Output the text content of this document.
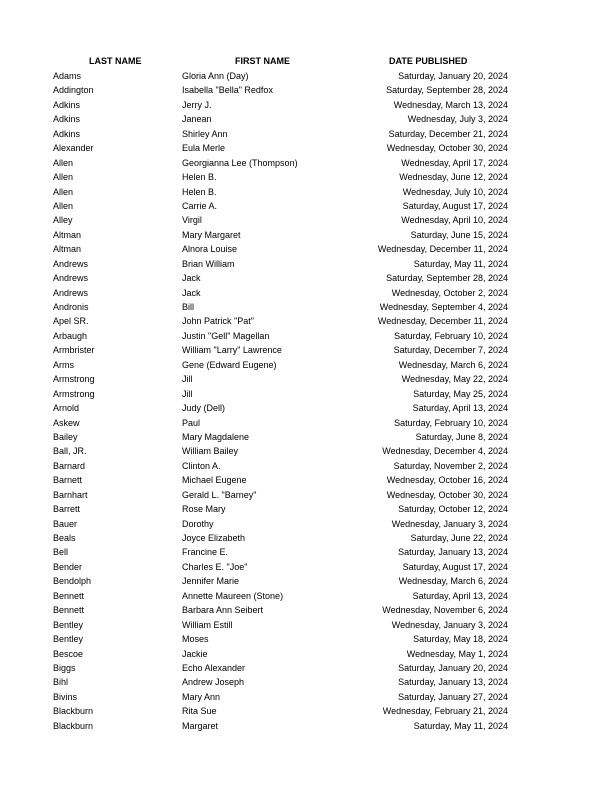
LAST NAME	FIRST NAME	DATE PUBLISHED
Adams	Gloria Ann (Day)	Saturday, January 20, 2024
Addington	Isabella "Bella" Redfox	Saturday, September 28, 2024
Adkins	Jerry J.	Wednesday, March 13, 2024
Adkins	Janean	Wednesday, July 3, 2024
Adkins	Shirley Ann	Saturday, December 21, 2024
Alexander	Eula Merle	Wednesday, October 30, 2024
Allen	Georgianna Lee (Thompson)	Wednesday, April 17, 2024
Allen	Helen B.	Wednesday, June 12, 2024
Allen	Helen B.	Wednesday, July 10, 2024
Allen	Carrie A.	Saturday, August 17, 2024
Alley	Virgil	Wednesday, April 10, 2024
Altman	Mary Margaret	Saturday, June 15, 2024
Altman	Alnora Louise	Wednesday, December 11, 2024
Andrews	Brian William	Saturday, May 11, 2024
Andrews	Jack	Saturday, September 28, 2024
Andrews	Jack	Wednesday, October 2, 2024
Andronis	Bill	Wednesday, September 4, 2024
Apel SR.	John Patrick "Pat"	Wednesday, December 11, 2024
Arbaugh	Justin "Gell" Magellan	Saturday, February 10, 2024
Armbrister	William "Larry" Lawrence	Saturday, December 7, 2024
Arms	Gene (Edward Eugene)	Wednesday, March 6, 2024
Armstrong	Jill	Wednesday, May 22, 2024
Armstrong	Jill	Saturday, May 25, 2024
Arnold	Judy (Dell)	Saturday, April 13, 2024
Askew	Paul	Saturday, February 10, 2024
Bailey	Mary Magdalene	Saturday, June 8, 2024
Ball, JR.	William Bailey	Wednesday, December 4, 2024
Barnard	Clinton A.	Saturday, November 2, 2024
Barnett	Michael Eugene	Wednesday, October 16, 2024
Barnhart	Gerald L. "Barney"	Wednesday, October 30, 2024
Barrett	Rose Mary	Saturday, October 12, 2024
Bauer	Dorothy	Wednesday, January 3, 2024
Beals	Joyce Elizabeth	Saturday, June 22, 2024
Bell	Francine E.	Saturday, January 13, 2024
Bender	Charles E. "Joe"	Saturday, August 17, 2024
Bendolph	Jennifer Marie	Wednesday, March 6, 2024
Bennett	Annette Maureen (Stone)	Saturday, April 13, 2024
Bennett	Barbara Ann Seibert	Wednesday, November 6, 2024
Bentley	William Estill	Wednesday, January 3, 2024
Bentley	Moses	Saturday, May 18, 2024
Bescoe	Jackie	Wednesday, May 1, 2024
Biggs	Echo Alexander	Saturday, January 20, 2024
Bihl	Andrew Joseph	Saturday, January 13, 2024
Bivins	Mary Ann	Saturday, January 27, 2024
Blackburn	Rita Sue	Wednesday, February 21, 2024
Blackburn	Margaret	Saturday, May 11, 2024
